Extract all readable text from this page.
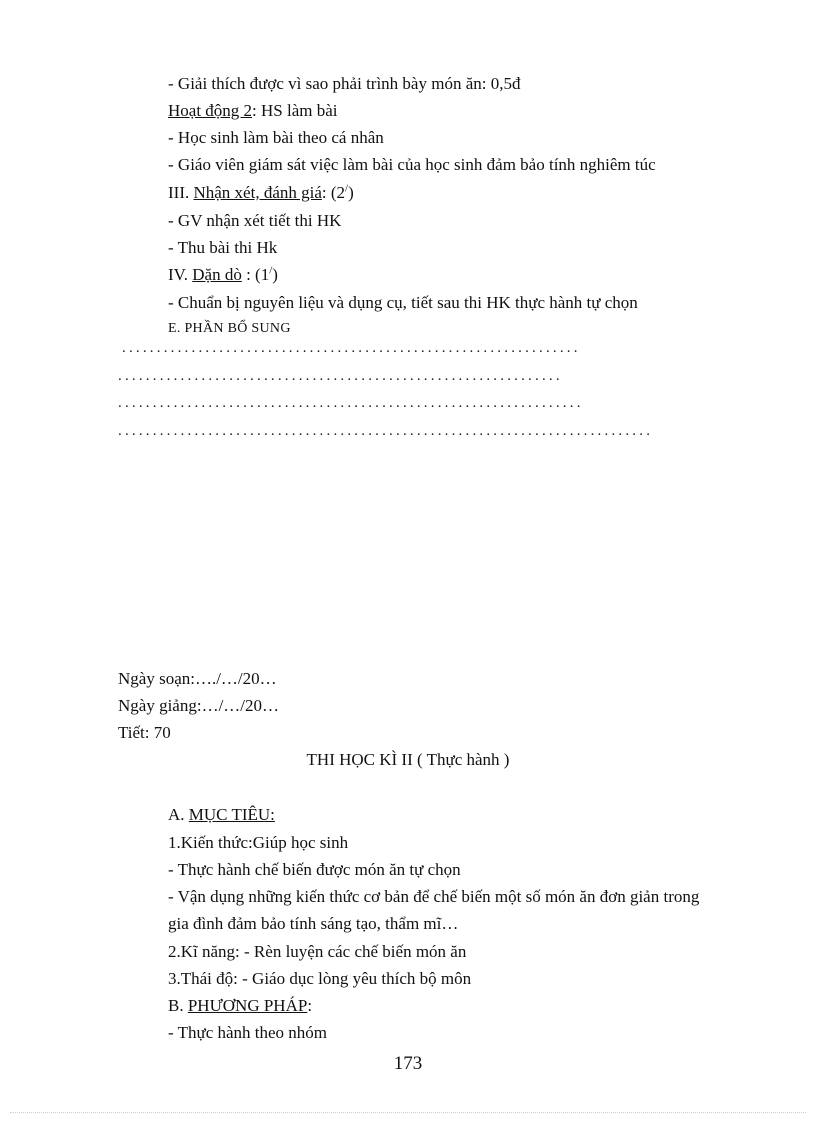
- Giải thích được vì sao phải trình bày món ăn: 0,5đ
Hoạt động 2: HS làm bài
- Học sinh làm bài theo cá nhân
- Giáo viên giám sát việc làm bài của học sinh đảm bảo tính nghiêm túc
III. Nhận xét, đánh giá: (2/)
- GV nhận xét tiết thi HK
- Thu bài thi Hk
IV. Dặn dò : (1/)
- Chuẩn bị nguyên liệu và dụng cụ, tiết sau thi HK thực hành tự chọn
E. PHẦN BỔ SUNG
..................................................................
................................................................
...................................................................
.............................................................................
Ngày soạn:…./…/20…
Ngày giảng:…/…/20…
Tiết: 70
THI HỌC KÌ II ( Thực hành )
A. MỤC TIÊU:
1.Kiến thức:Giúp học sinh
- Thực hành chế biến được món ăn tự chọn
- Vận dụng những kiến thức cơ bản để chế biến một số món ăn đơn giản trong
gia đình đảm bảo tính sáng tạo, thẩm mĩ…
2.Kĩ năng: - Rèn luyện các chế biến món ăn
3.Thái độ: - Giáo dục lòng yêu thích bộ môn
B. PHƯƠNG PHÁP:
- Thực hành theo nhóm
173
